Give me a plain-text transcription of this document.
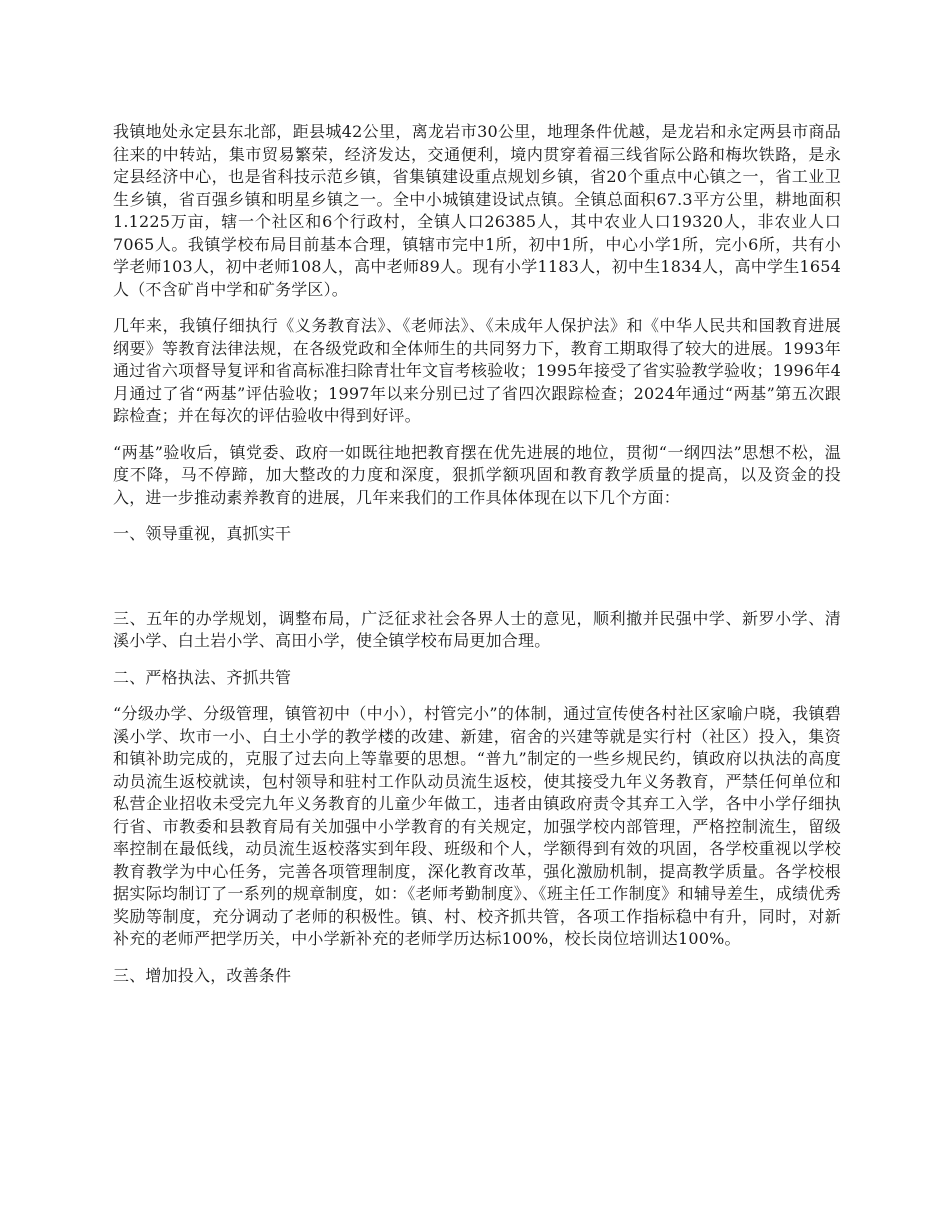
我镇地处永定县东北部，距县城42公里，离龙岩市30公里，地理条件优越，是龙岩和永定两县市商品往来的中转站，集市贸易繁荣，经济发达，交通便利，境内贯穿着福三线省际公路和梅坎铁路，是永定县经济中心，也是省科技示范乡镇，省集镇建设重点规划乡镇，省20个重点中心镇之一，省工业卫生乡镇，省百强乡镇和明星乡镇之一。全中小城镇建设试点镇。全镇总面积67.3平方公里，耕地面积1.1225万亩，辖一个社区和6个行政村，全镇人口26385人，其中农业人口19320人，非农业人口7065人。我镇学校布局目前基本合理，镇辖市完中1所，初中1所，中心小学1所，完小6所，共有小学老师103人，初中老师108人，高中老师89人。现有小学1183人，初中生1834人，高中学生1654人（不含矿肖中学和矿务学区）。

几年来，我镇仔细执行《义务教育法》、《老师法》、《未成年人保护法》和《中华人民共和国教育进展纲要》等教育法律法规，在各级党政和全体师生的共同努力下，教育工期取得了较大的进展。1993年通过省六项督导复评和省高标准扫除青壮年文盲考核验收；1995年接受了省实验教学验收；1996年4月通过了省“两基”评估验收；1997年以来分别已过了省四次跟踪检查；2024年通过“两基”第五次跟踪检查；并在每次的评估验收中得到好评。

“两基”验收后，镇党委、政府一如既往地把教育摆在优先进展的地位，贯彻“一纲四法”思想不松，温度不降，马不停蹄，加大整改的力度和深度，狠抓学额巩固和教育教学质量的提高，以及资金的投入，进一步推动素养教育的进展，几年来我们的工作具体体现在以下几个方面：

一、领导重视，真抓实干

三、五年的办学规划，调整布局，广泛征求社会各界人士的意见，顺利撤并民强中学、新罗小学、清溪小学、白土岩小学、高田小学，使全镇学校布局更加合理。

二、严格执法、齐抓共管

“分级办学、分级管理，镇管初中（中小），村管完小”的体制，通过宣传使各村社区家喻户晓，我镇碧溪小学、坎市一小、白土小学的教学楼的改建、新建，宿舍的兴建等就是实行村（社区）投入，集资和镇补助完成的，克服了过去向上等靠要的思想。“普九”制定的一些乡规民约，镇政府以执法的高度动员流生返校就读，包村领导和驻村工作队动员流生返校，使其接受九年义务教育，严禁任何单位和私营企业招收未受完九年义务教育的儿童少年做工，违者由镇政府责令其弃工入学，各中小学仔细执行省、市教委和县教育局有关加强中小学教育的有关规定，加强学校内部管理，严格控制流生，留级率控制在最低线，动员流生返校落实到年段、班级和个人，学额得到有效的巩固，各学校重视以学校教育教学为中心任务，完善各项管理制度，深化教育改革，强化激励机制，提高教学质量。各学校根据实际均制订了一系列的规章制度，如：《老师考勤制度》、《班主任工作制度》和辅导差生，成绩优秀奖励等制度，充分调动了老师的积极性。镇、村、校齐抓共管，各项工作指标稳中有升，同时，对新补充的老师严把学历关，中小学新补充的老师学历达标100%，校长岗位培训达100%。

三、增加投入，改善条件
